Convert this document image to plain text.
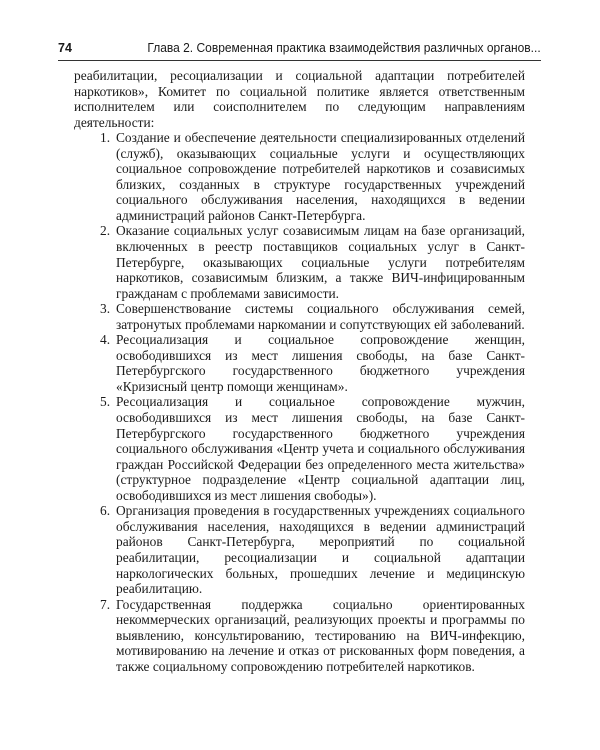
74	Глава 2. Современная практика взаимодействия различных органов...

реабилитации, ресоциализации и социальной адаптации потребителей наркотиков», Комитет по социальной политике является ответственным исполнителем или соисполнителем по следующим направлениям деятельности:

1. Создание и обеспечение деятельности специализированных отделений (служб), оказывающих социальные услуги и осуществляющих социальное сопровождение потребителей наркотиков и созависимых близких, созданных в структуре государственных учреждений социального обслуживания населения, находящихся в ведении администраций районов Санкт-Петербурга.
2. Оказание социальных услуг созависимым лицам на базе организаций, включенных в реестр поставщиков социальных услуг в Санкт-Петербурге, оказывающих социальные услуги потребителям наркотиков, созависимым близким, а также ВИЧ-инфицированным гражданам с проблемами зависимости.
3. Совершенствование системы социального обслуживания семей, затронутых проблемами наркомании и сопутствующих ей заболеваний.
4. Ресоциализация и социальное сопровождение женщин, освободившихся из мест лишения свободы, на базе Санкт-Петербургского государственного бюджетного учреждения «Кризисный центр помощи женщинам».
5. Ресоциализация и социальное сопровождение мужчин, освободившихся из мест лишения свободы, на базе Санкт-Петербургского государственного бюджетного учреждения социального обслуживания «Центр учета и социального обслуживания граждан Российской Федерации без определенного места жительства» (структурное подразделение «Центр социальной адаптации лиц, освободившихся из мест лишения свободы»).
6. Организация проведения в государственных учреждениях социального обслуживания населения, находящихся в ведении администраций районов Санкт-Петербурга, мероприятий по социальной реабилитации, ресоциализации и социальной адаптации наркологических больных, прошедших лечение и медицинскую реабилитацию.
7. Государственная поддержка социально ориентированных некоммерческих организаций, реализующих проекты и программы по выявлению, консультированию, тестированию на ВИЧ-инфекцию, мотивированию на лечение и отказ от рискованных форм поведения, а также социальному сопровождению потребителей наркотиков.
